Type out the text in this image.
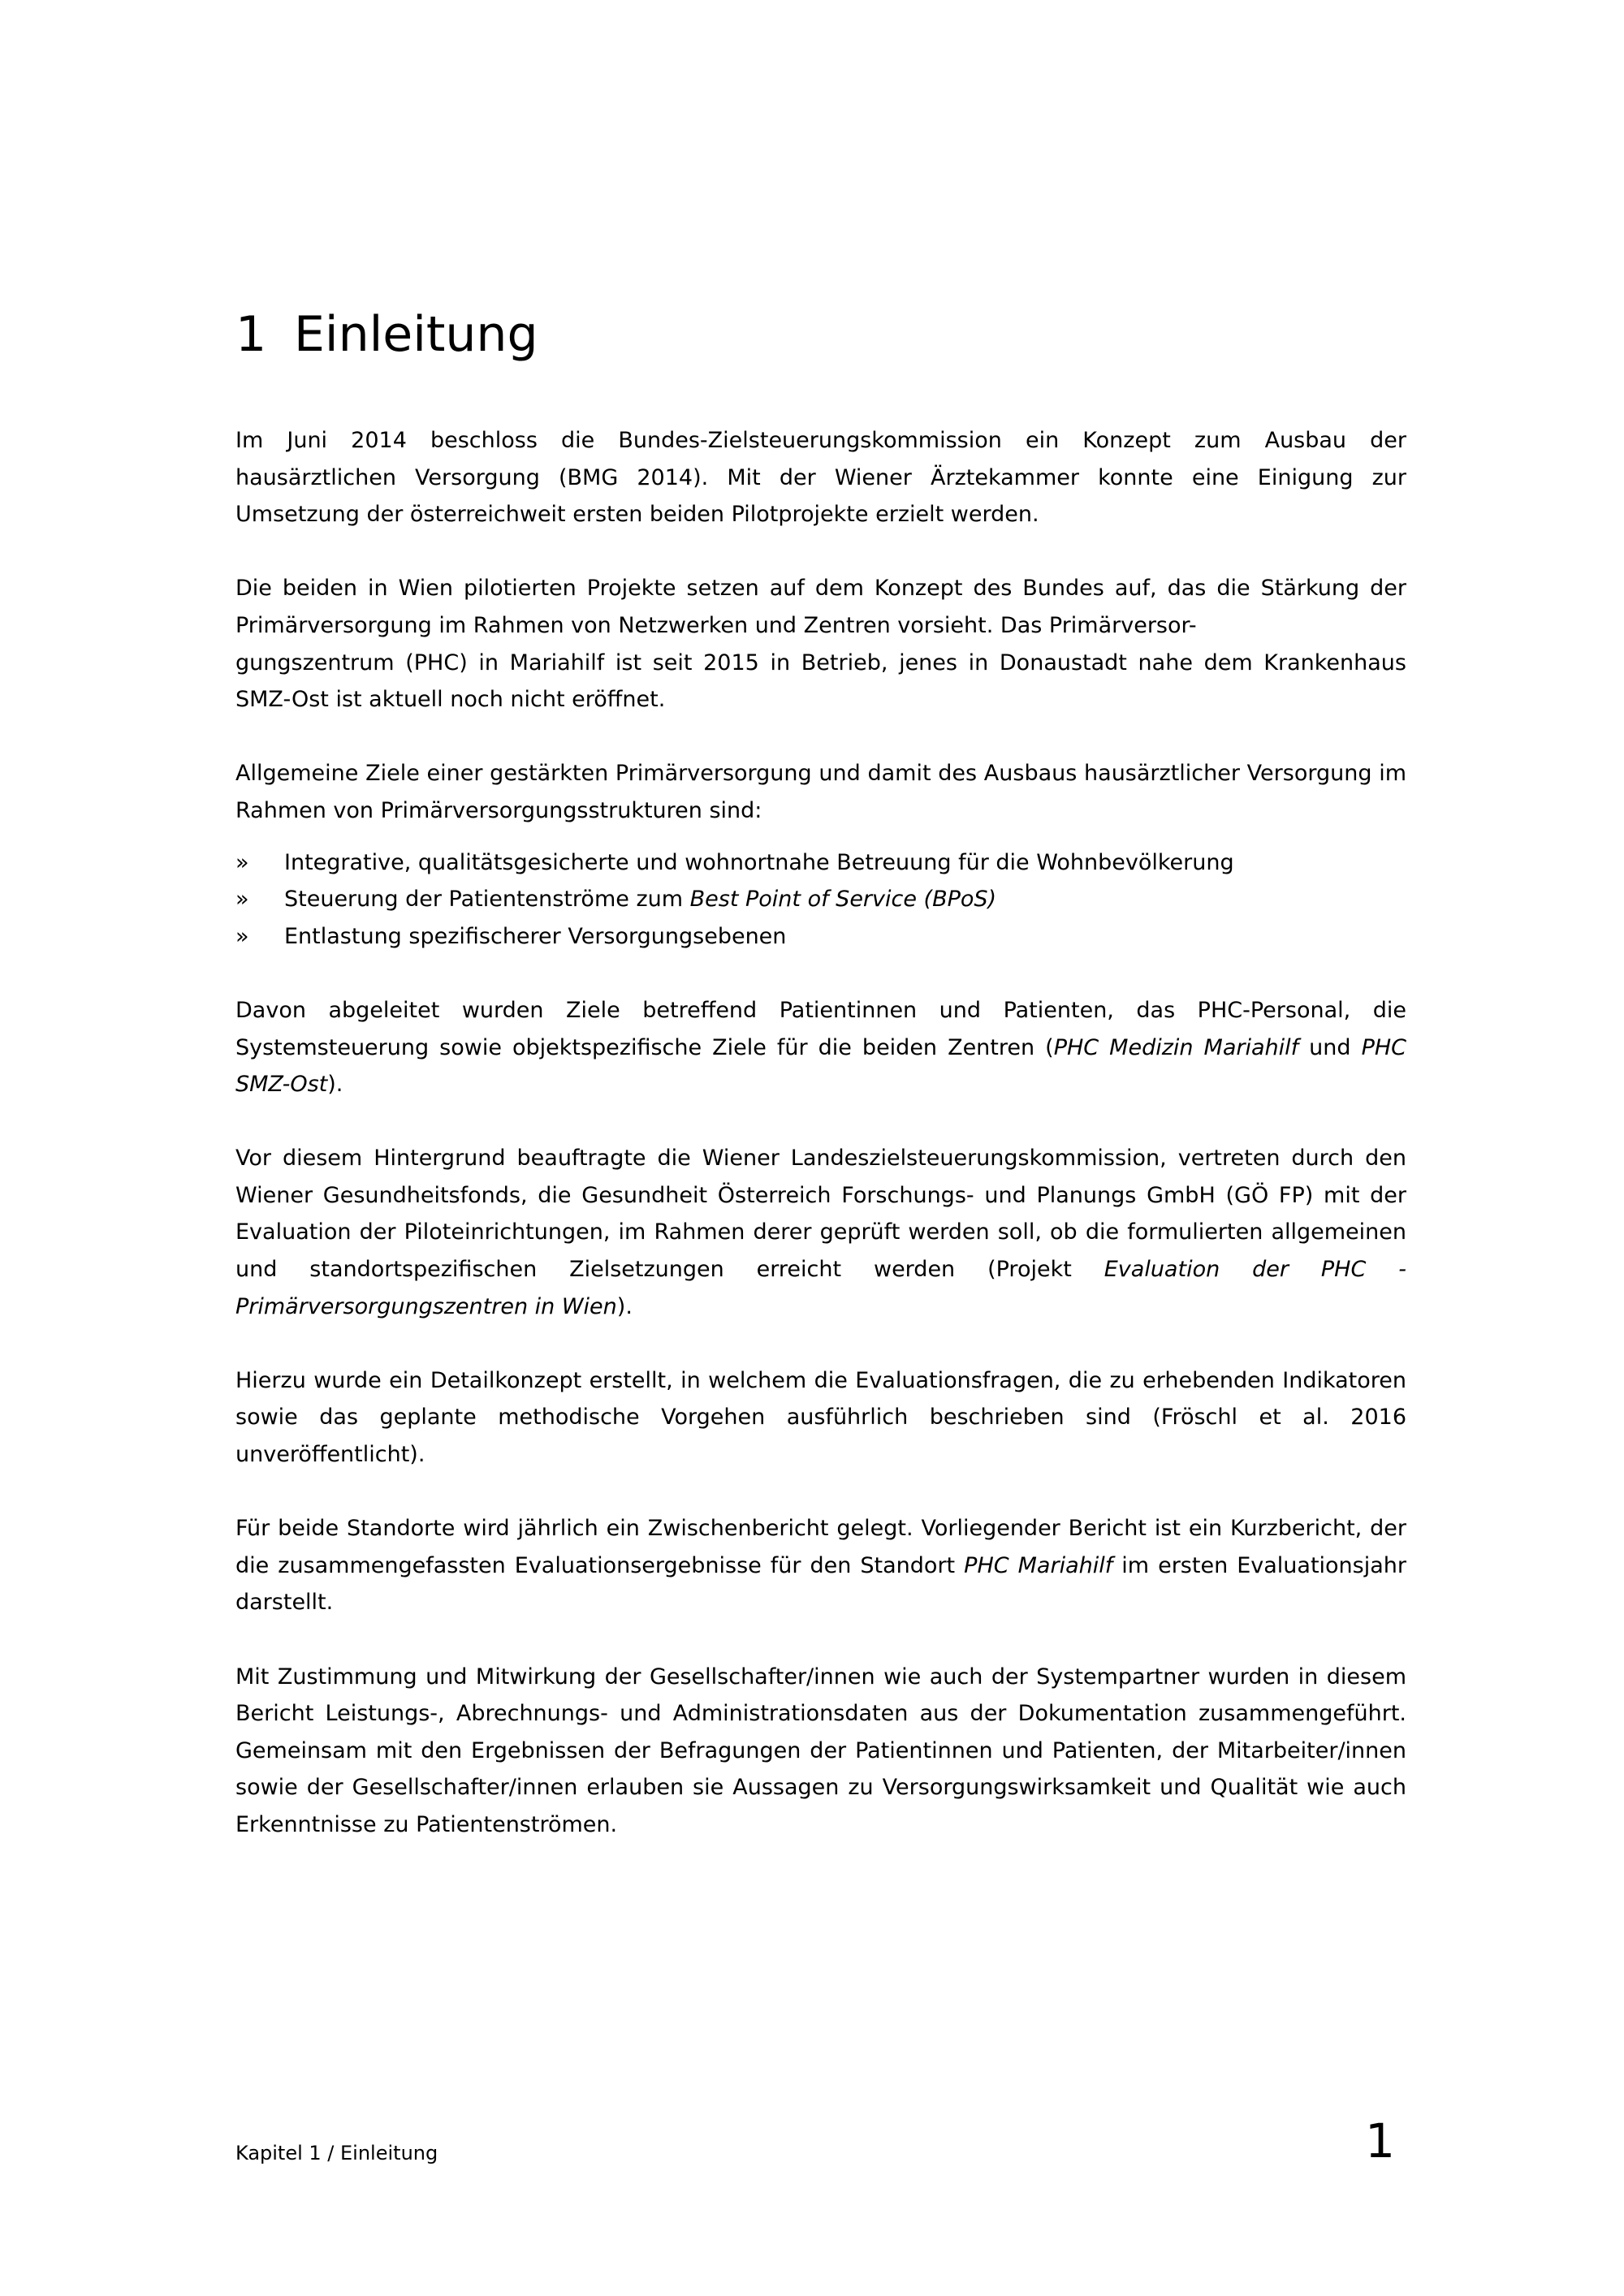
1 Einleitung

Im Juni 2014 beschloss die Bundes-Zielsteuerungskommission ein Konzept zum Ausbau der hausärztlichen Versorgung (BMG 2014). Mit der Wiener Ärztekammer konnte eine Einigung zur Umsetzung der österreichweit ersten beiden Pilotprojekte erzielt werden.

Die beiden in Wien pilotierten Projekte setzen auf dem Konzept des Bundes auf, das die Stärkung der Primärversorgung im Rahmen von Netzwerken und Zentren vorsieht. Das Primärversor-
gungszentrum (PHC) in Mariahilf ist seit 2015 in Betrieb, jenes in Donaustadt nahe dem Krankenhaus SMZ-Ost ist aktuell noch nicht eröffnet.

Allgemeine Ziele einer gestärkten Primärversorgung und damit des Ausbaus hausärztlicher Versorgung im Rahmen von Primärversorgungsstrukturen sind:

» Integrative, qualitätsgesicherte und wohnortnahe Betreuung für die Wohnbevölkerung
» Steuerung der Patientenströme zum Best Point of Service (BPoS)
» Entlastung spezifischerer Versorgungsebenen

Davon abgeleitet wurden Ziele betreffend Patientinnen und Patienten, das PHC-Personal, die Systemsteuerung sowie objektspezifische Ziele für die beiden Zentren (PHC Medizin Mariahilf und PHC SMZ-Ost).

Vor diesem Hintergrund beauftragte die Wiener Landeszielsteuerungskommission, vertreten durch den Wiener Gesundheitsfonds, die Gesundheit Österreich Forschungs- und Planungs GmbH (GÖ FP) mit der Evaluation der Piloteinrichtungen, im Rahmen derer geprüft werden soll, ob die formulierten allgemeinen und standortspezifischen Zielsetzungen erreicht werden (Projekt Evaluation der PHC - Primärversorgungszentren in Wien).

Hierzu wurde ein Detailkonzept erstellt, in welchem die Evaluationsfragen, die zu erhebenden Indikatoren sowie das geplante methodische Vorgehen ausführlich beschrieben sind (Fröschl et al. 2016 unveröffentlicht).

Für beide Standorte wird jährlich ein Zwischenbericht gelegt. Vorliegender Bericht ist ein Kurzbericht, der die zusammengefassten Evaluationsergebnisse für den Standort PHC Mariahilf im ersten Evaluationsjahr darstellt.

Mit Zustimmung und Mitwirkung der Gesellschafter/innen wie auch der Systempartner wurden in diesem Bericht Leistungs-, Abrechnungs- und Administrationsdaten aus der Dokumentation zusammengeführt. Gemeinsam mit den Ergebnissen der Befragungen der Patientinnen und Patienten, der Mitarbeiter/innen sowie der Gesellschafter/innen erlauben sie Aussagen zu Versorgungswirksamkeit und Qualität wie auch Erkenntnisse zu Patientenströmen.

Kapitel 1 / Einleitung	1
